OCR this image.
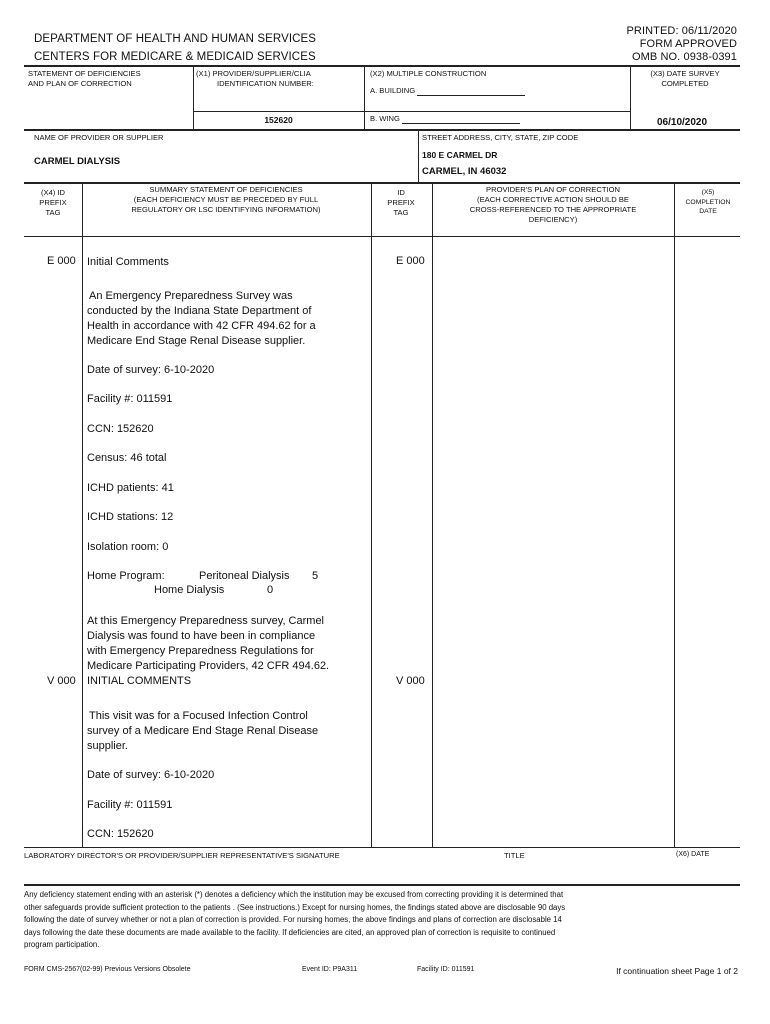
PRINTED: 06/11/2020
FORM APPROVED
OMB NO. 0938-0391
DEPARTMENT OF HEALTH AND HUMAN SERVICES
CENTERS FOR MEDICARE & MEDICAID SERVICES
STATEMENT OF DEFICIENCIES
AND PLAN OF CORRECTION
(X1) PROVIDER/SUPPLIER/CLIA
IDENTIFICATION NUMBER:
152620
(X2) MULTIPLE CONSTRUCTION
A. BUILDING
B. WING
(X3) DATE SURVEY
COMPLETED
06/10/2020
NAME OF PROVIDER OR SUPPLIER
CARMEL DIALYSIS
STREET ADDRESS, CITY, STATE, ZIP CODE
180 E CARMEL DR
CARMEL, IN 46032
(X4) ID
PREFIX
TAG
SUMMARY STATEMENT OF DEFICIENCIES
(EACH DEFICIENCY MUST BE PRECEDED BY FULL
REGULATORY OR LSC IDENTIFYING INFORMATION)
ID
PREFIX
TAG
PROVIDER'S PLAN OF CORRECTION
(EACH CORRECTIVE ACTION SHOULD BE
CROSS-REFERENCED TO THE APPROPRIATE
DEFICIENCY)
(X5)
COMPLETION
DATE
E 000 Initial Comments	E 000
An Emergency Preparedness Survey was
conducted by the Indiana State Department of
Health in accordance with 42 CFR 494.62 for a
Medicare End Stage Renal Disease supplier.
Date of survey: 6-10-2020
Facility #: 011591
CCN: 152620
Census: 46 total
ICHD patients: 41
ICHD stations: 12
Isolation room: 0
Home Program:	Peritoneal Dialysis 5
Home Dialysis	0
At this Emergency Preparedness survey, Carmel
Dialysis was found to have been in compliance
with Emergency Preparedness Regulations for
Medicare Participating Providers, 42 CFR 494.62.
V 000 INITIAL COMMENTS	V 000
This visit was for a Focused Infection Control
survey of a Medicare End Stage Renal Disease
supplier.
Date of survey: 6-10-2020
Facility #: 011591
CCN: 152620
LABORATORY DIRECTOR'S OR PROVIDER/SUPPLIER REPRESENTATIVE'S SIGNATURE	TITLE	(X6) DATE
Any deficiency statement ending with an asterisk (*) denotes a deficiency which the institution may be excused from correcting providing it is determined that
other safeguards provide sufficient protection to the patients . (See instructions.) Except for nursing homes, the findings stated above are disclosable 90 days
following the date of survey whether or not a plan of correction is provided. For nursing homes, the above findings and plans of correction are disclosable 14
days following the date these documents are made available to the facility. If deficiencies are cited, an approved plan of correction is requisite to continued
program participation.
FORM CMS-2567(02-99) Previous Versions Obsolete	Event ID: P9A311	Facility ID: 011591	If continuation sheet Page 1 of 2
